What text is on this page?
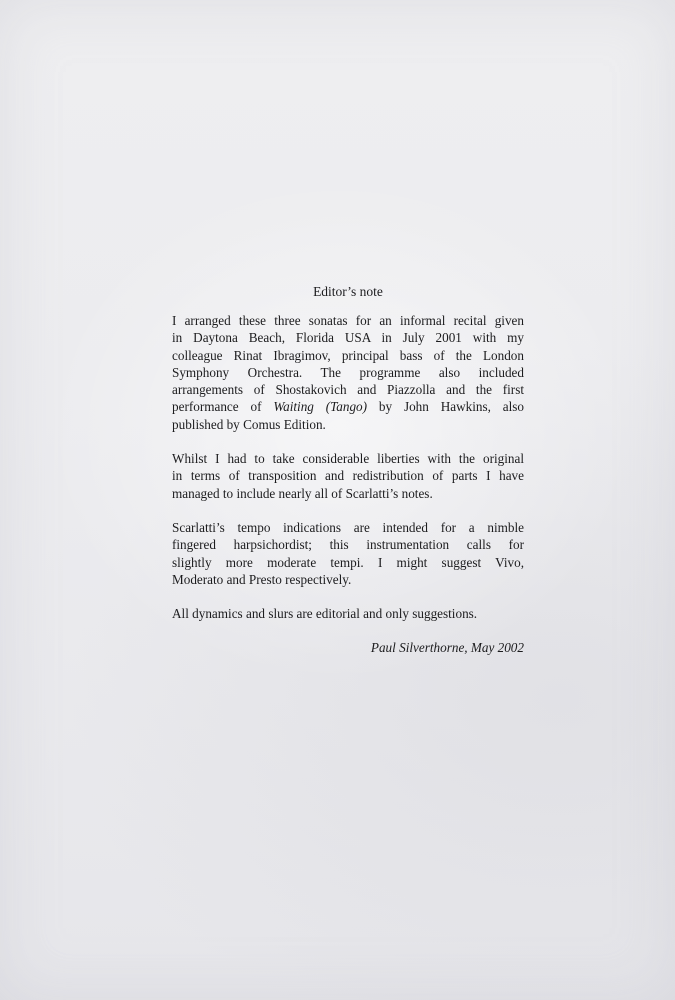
Editor’s note
I arranged these three sonatas for an informal recital given
in Daytona Beach, Florida USA in July 2001 with my
colleague Rinat Ibragimov, principal bass of the London
Symphony Orchestra. The programme also included
arrangements of Shostakovich and Piazzolla and the first
performance of Waiting (Tango) by John Hawkins, also
published by Comus Edition.
Whilst I had to take considerable liberties with the original
in terms of transposition and redistribution of parts I have
managed to include nearly all of Scarlatti’s notes.
Scarlatti’s tempo indications are intended for a nimble
fingered harpsichordist; this instrumentation calls for
slightly more moderate tempi. I might suggest Vivo,
Moderato and Presto respectively.
All dynamics and slurs are editorial and only suggestions.
Paul Silverthorne, May 2002
